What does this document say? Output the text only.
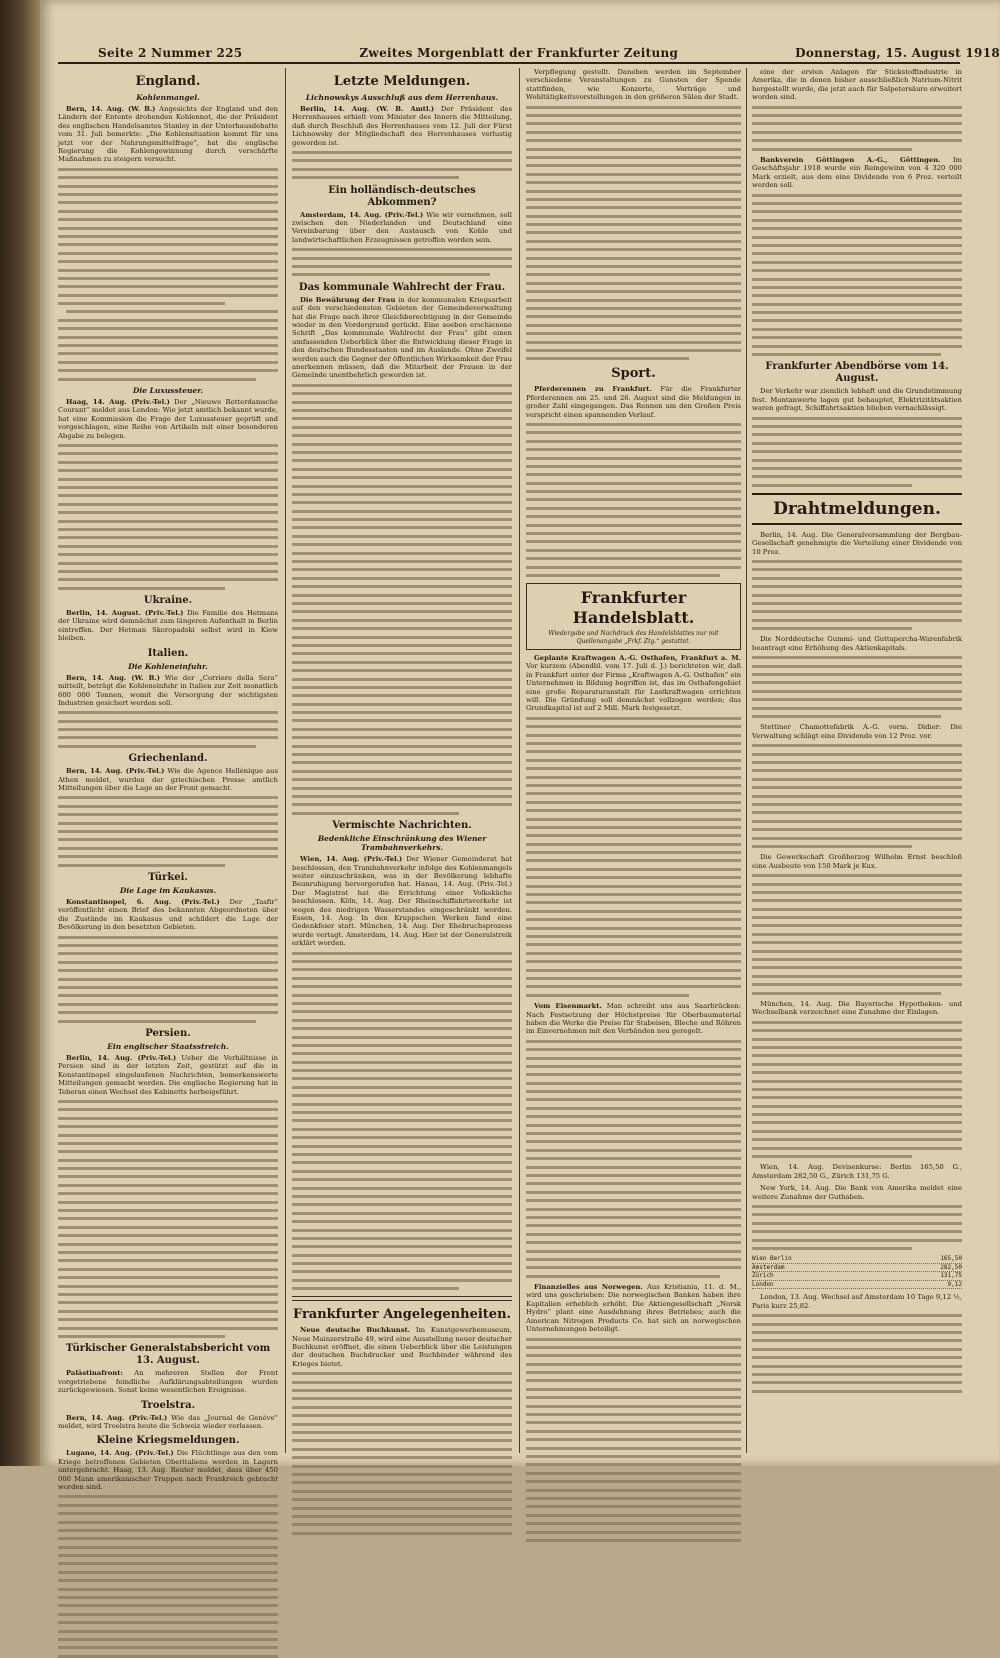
Seite 2 Nummer 225	Zweites Morgenblatt der Frankfurter Zeitung	Donnerstag, 15. August 1918
England.
Kohlenmangel.

Bern, 14. Aug. (W. B.) Angesichts der England und den Ländern der Entente drohenden Kohlennot, die der Präsident des englischen Handelsamtes Stanley in der Unterhausdebatte vom 31. Juli bemerkte: „Die Kohlensituation kommt für uns jetzt vor der Nahrungsmittelfrage“, hat die englische Regierung die Kohlengewinnung durch verschärfte Maßnahmen zu steigern versucht.

Die Luxussteuer.

Haag, 14. Aug. (Priv.-Tel.) Der „Nieuwe Rotterdamsche Courant“ meldet aus London: Wie jetzt amtlich bekannt wurde, hat eine Kommission die Frage der Luxussteuer geprüft und vorgeschlagen, eine Reihe von Artikeln mit einer besonderen Abgabe zu belegen.

Ukraine.

Berlin, 14. August. (Priv.-Tel.) Die Familie des Hetmans der Ukraine wird demnächst zum längeren Aufenthalt in Berlin eintreffen. Der Hetman Skoropadski selbst wird in Kiew bleiben.

Italien.
Die Kohleneinfuhr.

Bern, 14. Aug. (W. B.) Wie der „Corriere della Sera“ mitteilt, beträgt die Kohleneinfuhr in Italien zur Zeit monatlich 600 000 Tonnen, womit die Versorgung der wichtigsten Industrien gesichert werden soll.

Griechenland.

Bern, 14. Aug. (Priv.-Tel.) Wie die Agence Hellénique aus Athen meldet, wurden der griechischen Presse amtlich Mitteilungen über die Lage an der Front gemacht.

Türkei.
Die Lage im Kaukasus.

Konstantinopel, 6. Aug. (Priv.-Tel.) Der „Tasfir“ veröffentlicht einen Brief des bekannten Abgeordneten über die Zustände im Kaukasus und schildert die Lage der Bevölkerung in den besetzten Gebieten.

Persien.
Ein englischer Staatsstreich.

Berlin, 14. Aug. (Priv.-Tel.) Ueber die Verhältnisse in Persien sind in der letzten Zeit, gestützt auf die in Konstantinopel eingelaufenen Nachrichten, bemerkenswerte Mitteilungen gemacht worden. Die englische Regierung hat in Teheran einen Wechsel des Kabinetts herbeigeführt.

Türkischer Generalstabsbericht vom 13. August.

Palästinafront: An mehreren Stellen der Front vorgetriebene feindliche Aufklärungsabteilungen wurden zurückgewiesen. Sonst keine wesentlichen Ereignisse.

Troelstra.

Bern, 14. Aug. (Priv.-Tel.) Wie das „Journal de Genève“ meldet, wird Troelstra heute die Schweiz wieder verlassen.

Kleine Kriegsmeldungen.

Lugano, 14. Aug. (Priv.-Tel.) Die Flüchtlinge aus den vom Kriege betroffenen Gebieten Oberitaliens werden in Lagern untergebracht. Haag, 13. Aug. Reuter meldet, dass über 450 000 Mann amerikanischer Truppen nach Frankreich gebracht worden sind.

Letzte Meldungen.
Lichnowskys Ausschluß aus dem Herrenhaus.

Berlin, 14. Aug. (W. B. Amtl.) Der Präsident des Herrenhauses erhielt vom Minister des Innern die Mitteilung, daß durch Beschluß des Herrenhauses vom 12. Juli der Fürst Lichnowsky der Mitgliedschaft des Herrenhauses verlustig geworden ist.

Ein holländisch-deutsches Abkommen?

Amsterdam, 14. Aug. (Priv.-Tel.) Wie wir vernehmen, soll zwischen den Niederlanden und Deutschland eine Vereinbarung über den Austausch von Kohle und landwirtschaftlichen Erzeugnissen getroffen worden sein.

Das kommunale Wahlrecht der Frau.

Die Bewährung der Frau in der kommunalen Kriegsarbeit auf den verschiedensten Gebieten der Gemeindeverwaltung hat die Frage nach ihrer Gleichberechtigung in der Gemeinde wieder in den Vordergrund gerückt. Eine soeben erschienene Schrift „Das kommunale Wahlrecht der Frau“ gibt einen umfassenden Ueberblick über die Entwicklung dieser Frage in den deutschen Bundesstaaten und im Auslande. Ohne Zweifel werden auch die Gegner der öffentlichen Wirksamkeit der Frau anerkennen müssen, daß die Mitarbeit der Frauen in der Gemeinde unentbehrlich geworden ist.

Vermischte Nachrichten.
Bedenkliche Einschränkung des Wiener Trambahnverkehrs.

Wien, 14. Aug. (Priv.-Tel.) Der Wiener Gemeinderat hat beschlossen, den Trambahnverkehr infolge des Kohlenmangels weiter einzuschränken, was in der Bevölkerung lebhafte Beunruhigung hervorgerufen hat. Hanau, 14. Aug. (Priv.-Tel.) Der Magistrat hat die Errichtung einer Volksküche beschlossen. Köln, 14. Aug. Der Rheinschiffahrtsverkehr ist wegen des niedrigen Wasserstandes eingeschränkt worden. Essen, 14. Aug. In den Kruppschen Werken fand eine Gedenkfeier statt. München, 14. Aug. Der Ehebruchsprozess wurde vertagt. Amsterdam, 14. Aug. Hier ist der Generalstreik erklärt worden.

Frankfurter Angelegenheiten.

Neue deutsche Buchkunst. Im Kunstgewerbemuseum, Neue Mainzerstraße 49, wird eine Ausstellung neuer deutscher Buchkunst eröffnet, die einen Ueberblick über die Leistungen der deutschen Buchdrucker und Buchbinder während des Krieges bietet.

Verpflegung gestellt. Daneben werden im September verschiedene Veranstaltungen zu Gunsten der Spende stattfinden, wie Konzerte, Vorträge und Wohltätigkeitsvorstellungen in den größeren Sälen der Stadt.

Sport.

Pferderennen zu Frankfurt. Für die Frankfurter Pferderennen am 25. und 26. August sind die Meldungen in großer Zahl eingegangen. Das Rennen um den Großen Preis verspricht einen spannenden Verlauf.

Frankfurter Handelsblatt.
Wiedergabe und Nachdruck des Handelsblattes nur mit Quellenangabe „Frkf. Ztg.“ gestattet.

Geplante Kraftwagen A.-G. Osthafen, Frankfurt a. M. Vor kurzem (Abendbl. vom 17. Juli d. J.) berichteten wir, daß in Frankfurt unter der Firma „Kraftwagen A.-G. Osthafen“ ein Unternehmen in Bildung begriffen ist, das im Osthafengebiet eine große Reparaturanstalt für Lastkraftwagen errichten will. Die Gründung soll demnächst vollzogen werden; das Grundkapital ist auf 2 Mill. Mark festgesetzt.

Vom Eisenmarkt. Man schreibt uns aus Saarbrücken: Nach Festsetzung der Höchstpreise für Oberbaumaterial haben die Werke die Preise für Stabeisen, Bleche und Röhren im Einvernehmen mit den Verbänden neu geregelt.

Finanzielles aus Norwegen. Aus Kristiania, 11. d. M., wird uns geschrieben: Die norwegischen Banken haben ihre Kapitalien erheblich erhöht. Die Aktiengesellschaft „Norsk Hydro“ plant eine Ausdehnung ihres Betriebes; auch die American Nitrogen Products Co. hat sich an norwegischen Unternehmungen beteiligt.

eine der ersten Anlagen für Stickstoffindustrie in Amerika, die in denen bisher ausschließlich Natrium-Nitrit hergestellt wurde, die jetzt auch für Salpetersäure erweitert worden sind.

Bankverein Göttingen A.-G., Göttingen. Im Geschäftsjahr 1918 wurde ein Reingewinn von 4 320 000 Mark erzielt, aus dem eine Dividende von 6 Proz. verteilt werden soll.

Frankfurter Abendbörse vom 14. August.

Der Verkehr war ziemlich lebhaft und die Grundstimmung fest. Montanwerte lagen gut behauptet, Elektrizitätsaktien waren gefragt, Schiffahrtsaktien blieben vernachlässigt.

Drahtmeldungen.

Berlin, 14. Aug. Die Generalversammlung der Bergbau-Gesellschaft genehmigte die Verteilung einer Dividende von 10 Proz.

Die Norddeutsche Gummi- und Guttapercha-Warenfabrik beantragt eine Erhöhung des Aktienkapitals.

Stettiner Chamottefabrik A.-G. vorm. Didier: Die Verwaltung schlägt eine Dividende von 12 Proz. vor.

Die Gewerkschaft Großherzog Wilhelm Ernst beschloß eine Ausbeute von 150 Mark je Kux.

München, 14. Aug. Die Bayerische Hypotheken- und Wechselbank verzeichnet eine Zunahme der Einlagen.

Wien, 14. Aug. Devisenkurse: Berlin 165,50 G., Amsterdam 282,50 G., Zürich 131,75 G.

New York, 14. Aug. Die Bank von Amerika meldet eine weitere Zunahme der Guthaben.

Wien Berlin	165,50
Amsterdam	282,50
Zürich	131,75
London	9,12

London, 13. Aug. Wechsel auf Amsterdam 10 Tage 9,12 ½, Paris kurz 25,82.
